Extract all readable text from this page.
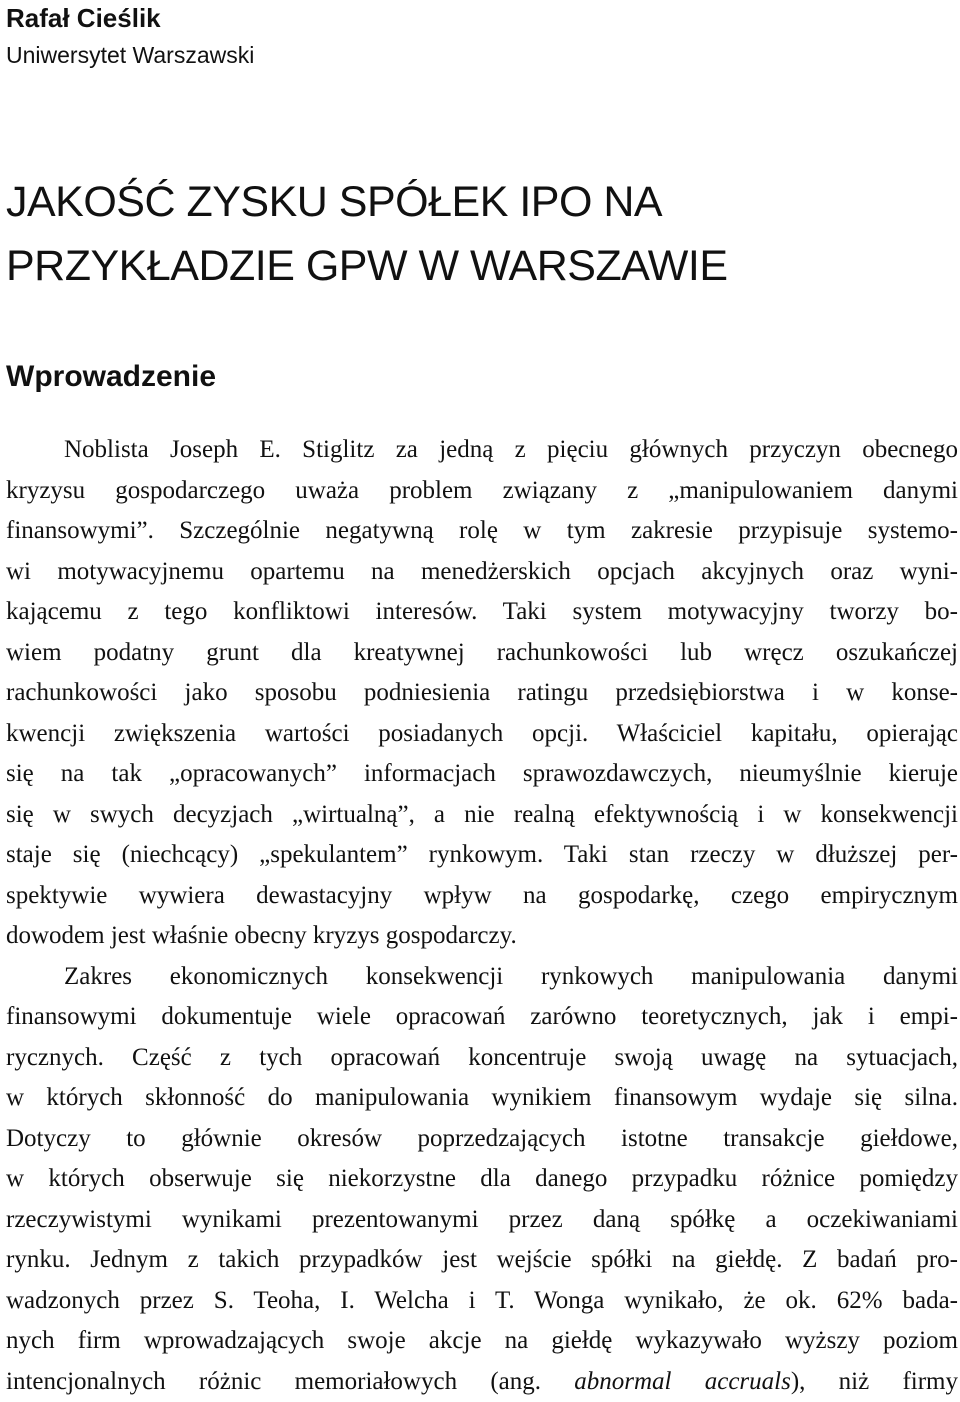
Rafał Cieślik

Uniwersytet Warszawski

JAKOŚĆ ZYSKU SPÓŁEK IPO NA
PRZYKŁADZIE GPW W WARSZAWIE
Wprowadzenie
Noblista Joseph E. Stiglitz za jedną z pięciu głównych przyczyn obecnego
kryzysu gospodarczego uważa problem związany z „manipulowaniem danymi
finansowymi”. Szczególnie negatywną rolę w tym zakresie przypisuje systemo-
wi motywacyjnemu opartemu na menedżerskich opcjach akcyjnych oraz wyni-
kającemu z tego konfliktowi interesów. Taki system motywacyjny tworzy bo-
wiem podatny grunt dla kreatywnej rachunkowości lub wręcz oszukańczej
rachunkowości jako sposobu podniesienia ratingu przedsiębiorstwa i w konse-
kwencji zwiększenia wartości posiadanych opcji. Właściciel kapitału, opierając
się na tak „opracowanych” informacjach sprawozdawczych, nieumyślnie kieruje
się w swych decyzjach „wirtualną”, a nie realną efektywnością i w konsekwencji
staje się (niechcący) „spekulantem” rynkowym. Taki stan rzeczy w dłuższej per-
spektywie wywiera dewastacyjny wpływ na gospodarkę, czego empirycznym
dowodem jest właśnie obecny kryzys gospodarczy.
Zakres ekonomicznych konsekwencji rynkowych manipulowania danymi
finansowymi dokumentuje wiele opracowań zarówno teoretycznych, jak i empi-
rycznych. Część z tych opracowań koncentruje swoją uwagę na sytuacjach,
w których skłonność do manipulowania wynikiem finansowym wydaje się silna.
Dotyczy to głównie okresów poprzedzających istotne transakcje giełdowe,
w których obserwuje się niekorzystne dla danego przypadku różnice pomiędzy
rzeczywistymi wynikami prezentowanymi przez daną spółkę a oczekiwaniami
rynku. Jednym z takich przypadków jest wejście spółki na giełdę. Z badań pro-
wadzonych przez S. Teoha, I. Welcha i T. Wonga wynikało, że ok. 62% bada-
nych firm wprowadzających swoje akcje na giełdę wykazywało wyższy poziom
intencjonalnych różnic memoriałowych (ang. abnormal accruals), niż firmy
